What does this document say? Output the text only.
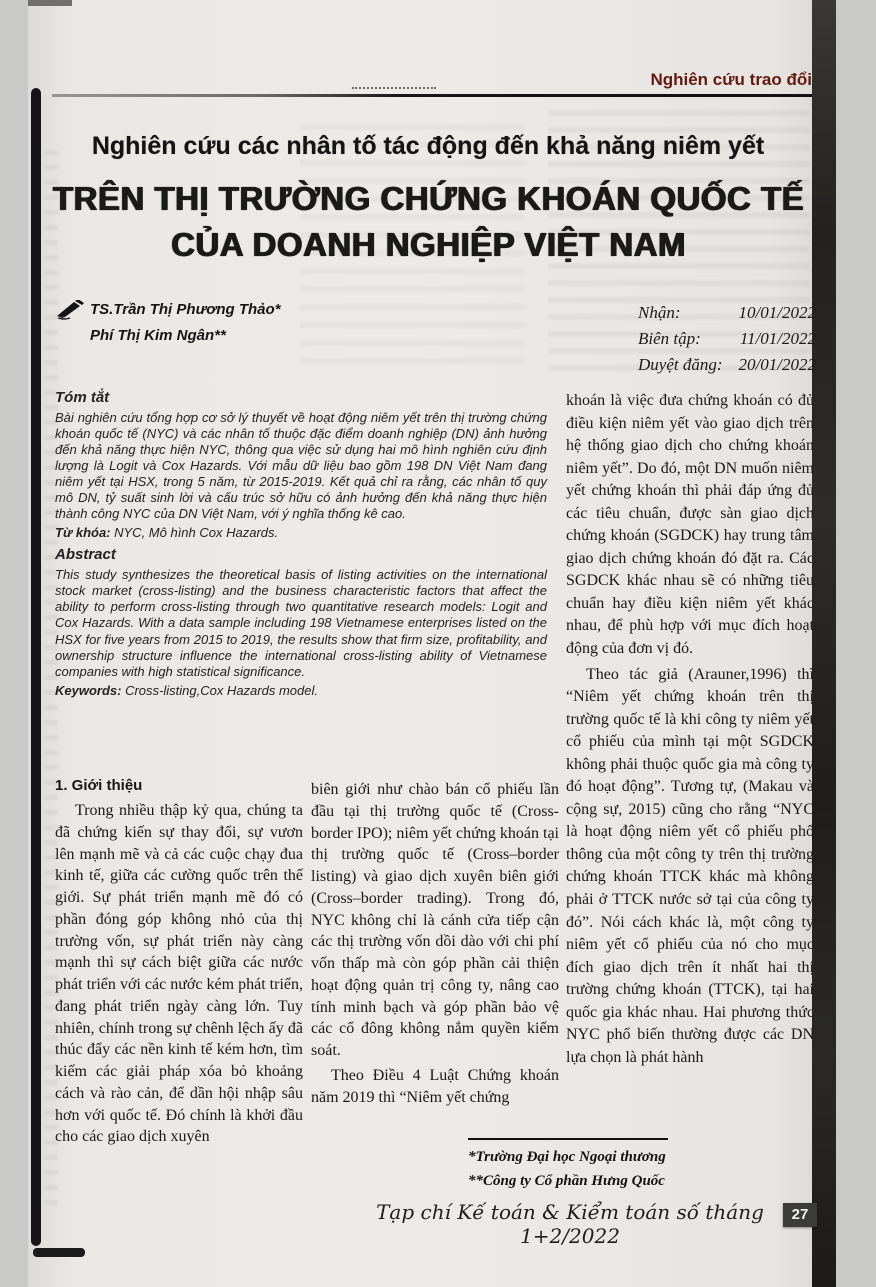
Nghiên cứu trao đổi
Nghiên cứu các nhân tố tác động đến khả năng niêm yết
TRÊN THỊ TRƯỜNG CHỨNG KHOÁN QUỐC TẾ
CỦA DOANH NGHIỆP VIỆT NAM
TS.Trần Thị Phương Thảo*
Phí Thị Kim Ngân**
Nhận:	10/01/2022
Biên tập: 11/01/2022
Duyệt đăng: 20/01/2022

Tóm tắt

Bài nghiên cứu tổng hợp cơ sở lý thuyết về hoạt động niêm yết trên thị trường chứng khoán quốc tế (NYC) và các nhân tố thuộc đặc điểm doanh nghiệp (DN) ảnh hưởng đến khả năng thực hiện NYC, thông qua việc sử dụng hai mô hình nghiên cứu định lượng là Logit và Cox Hazards. Với mẫu dữ liệu bao gồm 198 DN Việt Nam đang niêm yết tại HSX, trong 5 năm, từ 2015-2019. Kết quả chỉ ra rằng, các nhân tố quy mô DN, tỷ suất sinh lời và cấu trúc sở hữu có ảnh hưởng đến khả năng thực hiện thành công NYC của DN Việt Nam, với ý nghĩa thống kê cao.

Từ khóa: NYC, Mô hình Cox Hazards.

Abstract

This study synthesizes the theoretical basis of listing activities on the international stock market (cross-listing) and the business characteristic factors that affect the ability to perform cross-listing through two quantitative research models: Logit and Cox Hazards. With a data sample including 198 Vietnamese enterprises listed on the HSX for five years from 2015 to 2019, the results show that firm size, profitability, and ownership structure influence the international cross-listing ability of Vietnamese companies with high statistical significance.

Keywords: Cross-listing,Cox Hazards model.

1. Giới thiệu

Trong nhiều thập kỷ qua, chúng ta đã chứng kiến sự thay đổi, sự vươn lên mạnh mẽ và cả các cuộc chạy đua kinh tế, giữa các cường quốc trên thế giới. Sự phát triển mạnh mẽ đó có phần đóng góp không nhỏ của thị trường vốn, sự phát triển này càng mạnh thì sự cách biệt giữa các nước phát triển với các nước kém phát triển, đang phát triển ngày càng lớn. Tuy nhiên, chính trong sự chênh lệch ấy đã thúc đẩy các nền kinh tế kém hơn, tìm kiếm các giải pháp xóa bỏ khoảng cách và rào cản, để dần hội nhập sâu hơn với quốc tế. Đó chính là khởi đầu cho các giao dịch xuyên

biên giới như chào bán cổ phiếu lần đầu tại thị trường quốc tế (Cross-border IPO); niêm yết chứng khoán tại thị trường quốc tế (Cross–border listing) và giao dịch xuyên biên giới (Cross–border trading). Trong đó, NYC không chỉ là cánh cửa tiếp cận các thị trường vốn dồi dào với chi phí vốn thấp mà còn góp phần cải thiện hoạt động quản trị công ty, nâng cao tính minh bạch và góp phần bảo vệ các cổ đông không nắm quyền kiểm soát.

Theo Điều 4 Luật Chứng khoán năm 2019 thì “Niêm yết chứng

khoán là việc đưa chứng khoán có đủ điều kiện niêm yết vào giao dịch trên hệ thống giao dịch cho chứng khoán niêm yết”. Do đó, một DN muốn niêm yết chứng khoán thì phải đáp ứng đủ các tiêu chuẩn, được sàn giao dịch chứng khoán (SGDCK) hay trung tâm giao dịch chứng khoán đó đặt ra. Các SGDCK khác nhau sẽ có những tiêu chuẩn hay điều kiện niêm yết khác nhau, để phù hợp với mục đích hoạt động của đơn vị đó.

Theo tác giả (Arauner,1996) thì “Niêm yết chứng khoán trên thị trường quốc tế là khi công ty niêm yết cổ phiếu của mình tại một SGDCK không phải thuộc quốc gia mà công ty đó hoạt động”. Tương tự, (Makau và cộng sự, 2015) cũng cho rằng “NYC là hoạt động niêm yết cổ phiếu phổ thông của một công ty trên thị trường chứng khoán TTCK khác mà không phải ở TTCK nước sở tại của công ty đó”. Nói cách khác là, một công ty niêm yết cổ phiếu của nó cho mục đích giao dịch trên ít nhất hai thị trường chứng khoán (TTCK), tại hai quốc gia khác nhau. Hai phương thức NYC phổ biến thường được các DN lựa chọn là phát hành

*Trường Đại học Ngoại thương
**Công ty Cổ phần Hưng Quốc
Tạp chí Kế toán & Kiểm toán số tháng 1+2/2022
27
